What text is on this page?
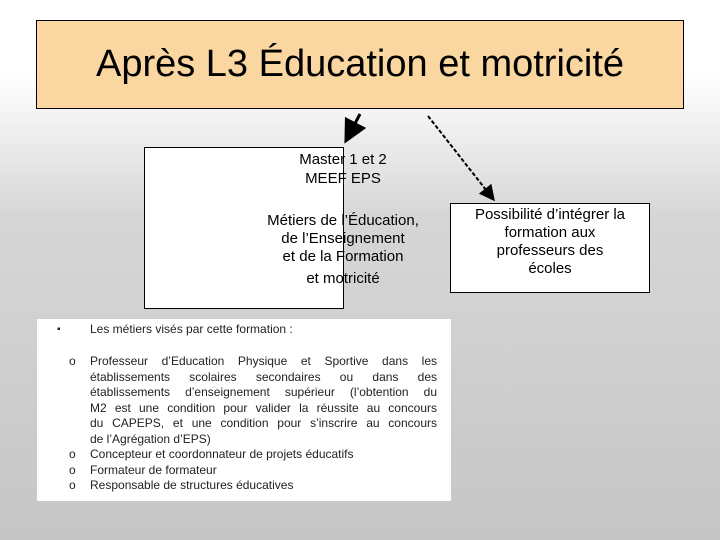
Après L3 Éducation et motricité
Master 1 et 2
MEEF EPS
Métiers de l’Éducation,
de l’Enseignement
et de la Formation
et motricité
Possibilité d’intégrer la
formation aux
professeurs des
écoles
▪ Les métiers visés par cette formation :
o Professeur d’Education Physique et Sportive dans les
établissements scolaires secondaires ou dans des
établissements d’enseignement supérieur (l’obtention du
M2 est une condition pour valider la réussite au concours
du CAPEPS, et une condition pour s’inscrire au concours
de l’Agrégation d’EPS)
o Concepteur et coordonnateur de projets éducatifs
o Formateur de formateur
o Responsable de structures éducatives
